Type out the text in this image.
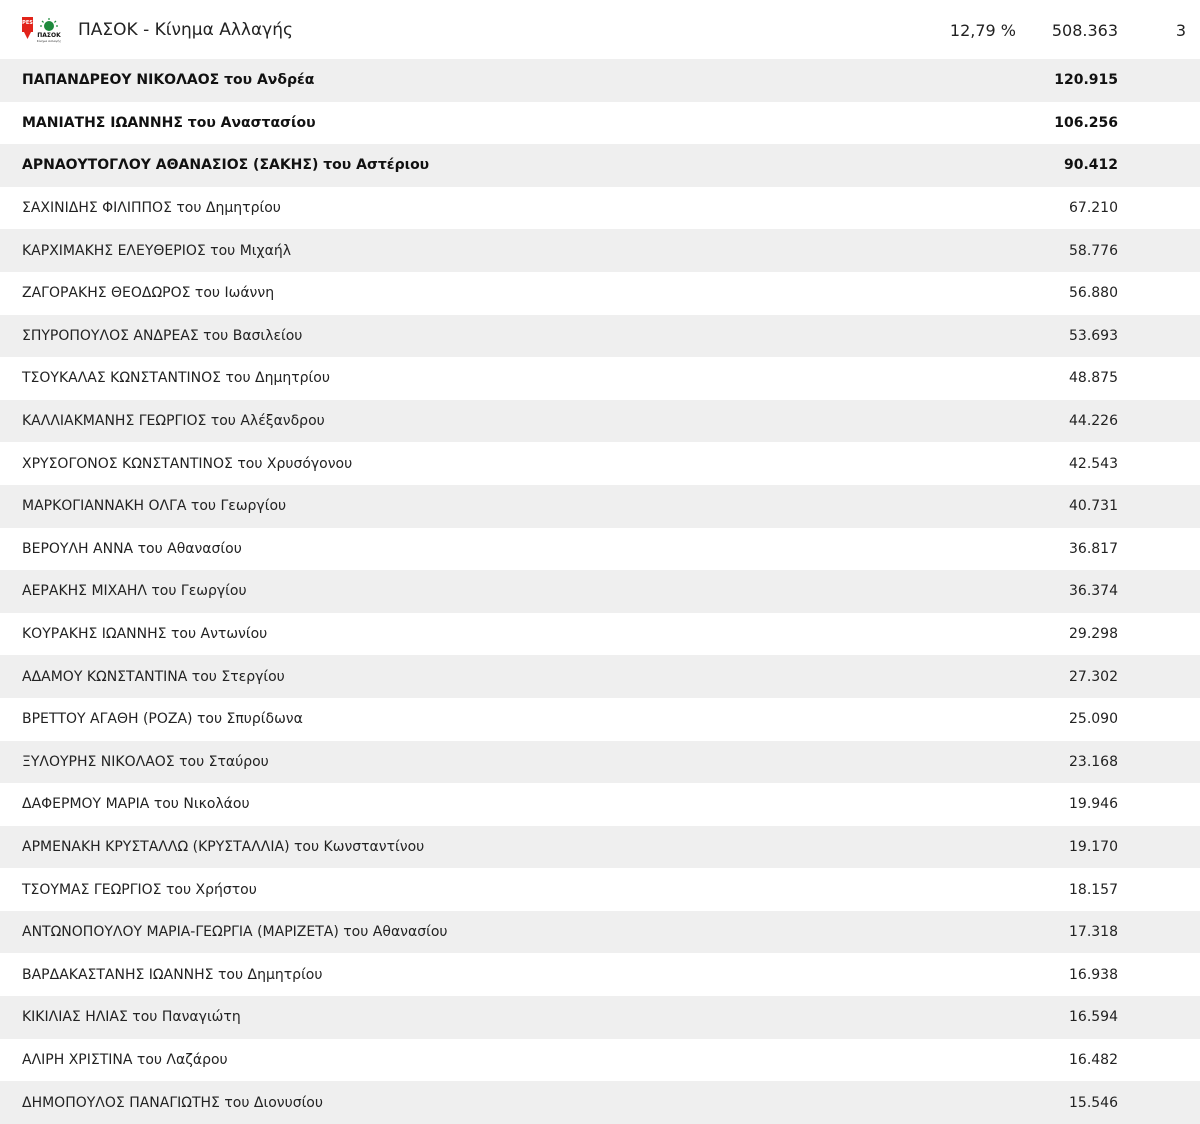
PES
ΠΑΣΟΚ
Κίνημα Αλλαγής
ΠΑΣΟΚ - Κίνημα Αλλαγής	12,79 % 508.363	3
ΠΑΠΑΝΔΡΕΟΥ ΝΙΚΟΛΑΟΣ του Ανδρέα	120.915
ΜΑΝΙΑΤΗΣ ΙΩΑΝΝΗΣ του Αναστασίου	106.256
ΑΡΝΑΟΥΤΟΓΛΟΥ ΑΘΑΝΑΣΙΟΣ (ΣΑΚΗΣ) του Αστέριου	90.412
ΣΑΧΙΝΙΔΗΣ ΦΙΛΙΠΠΟΣ του Δημητρίου	67.210
ΚΑΡΧΙΜΑΚΗΣ ΕΛΕΥΘΕΡΙΟΣ του Μιχαήλ	58.776
ΖΑΓΟΡΑΚΗΣ ΘΕΟΔΩΡΟΣ του Ιωάννη	56.880
ΣΠΥΡΟΠΟΥΛΟΣ ΑΝΔΡΕΑΣ του Βασιλείου	53.693
ΤΣΟΥΚΑΛΑΣ ΚΩΝΣΤΑΝΤΙΝΟΣ του Δημητρίου	48.875
ΚΑΛΛΙΑΚΜΑΝΗΣ ΓΕΩΡΓΙΟΣ του Αλέξανδρου	44.226
ΧΡΥΣΟΓΟΝΟΣ ΚΩΝΣΤΑΝΤΙΝΟΣ του Χρυσόγονου	42.543
ΜΑΡΚΟΓΙΑΝΝΑΚΗ ΟΛΓΑ του Γεωργίου	40.731
ΒΕΡΟΥΛΗ ΑΝΝΑ του Αθανασίου	36.817
ΑΕΡΑΚΗΣ ΜΙΧΑΗΛ του Γεωργίου	36.374
ΚΟΥΡΑΚΗΣ ΙΩΑΝΝΗΣ του Αντωνίου	29.298
ΑΔΑΜΟΥ ΚΩΝΣΤΑΝΤΙΝΑ του Στεργίου	27.302
ΒΡΕΤΤΟΥ ΑΓΑΘΗ (ΡΟΖΑ) του Σπυρίδωνα	25.090
ΞΥΛΟΥΡΗΣ ΝΙΚΟΛΑΟΣ του Σταύρου	23.168
ΔΑΦΕΡΜΟΥ ΜΑΡΙΑ του Νικολάου	19.946
ΑΡΜΕΝΑΚΗ ΚΡΥΣΤΑΛΛΩ (ΚΡΥΣΤΑΛΛΙΑ) του Κωνσταντίνου	19.170
ΤΣΟΥΜΑΣ ΓΕΩΡΓΙΟΣ του Χρήστου	18.157
ΑΝΤΩΝΟΠΟΥΛΟΥ ΜΑΡΙΑ-ΓΕΩΡΓΙΑ (ΜΑΡΙΖΕΤΑ) του Αθανασίου	17.318
ΒΑΡΔΑΚΑΣΤΑΝΗΣ ΙΩΑΝΝΗΣ του Δημητρίου	16.938
ΚΙΚΙΛΙΑΣ ΗΛΙΑΣ του Παναγιώτη	16.594
ΑΛΙΡΗ ΧΡΙΣΤΙΝΑ του Λαζάρου	16.482
ΔΗΜΟΠΟΥΛΟΣ ΠΑΝΑΓΙΩΤΗΣ του Διονυσίου	15.546
